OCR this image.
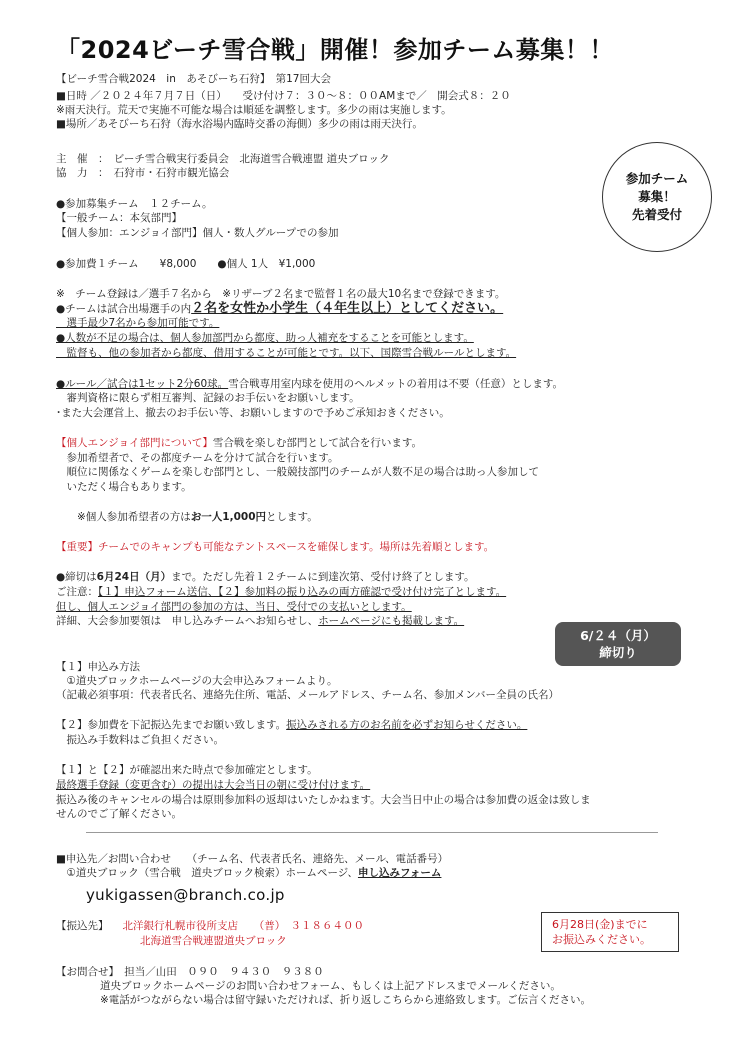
「2024ビーチ雪合戦」開催！参加チーム募集！！
【ビーチ雪合戦2024　in　あそびーち石狩】　第17回大会
■日時 ／２０２４年７月７日（日）　　受け付け７：３０～８：００AMまで／　開会式８：２０
※雨天決行。荒天で実施不可能な場合は順延を調整します。多少の雨は実施します。
■場所／あそびーち石狩（海水浴場内臨時交番の海側）多少の雨は雨天決行。
主　催　：　ビーチ雪合戦実行委員会　北海道雪合戦連盟 道央ブロック
協　力　：　石狩市・石狩市観光協会	参加チーム
募集！
先着受付
●参加募集チーム　１２チーム。
【一般チーム：本気部門】
【個人参加：エンジョイ部門】個人・数人グループでの参加
●参加費１チーム　　¥8,000　　●個人 1人　¥1,000
※　チーム登録は／選手７名から　※リザーブ２名まで監督１名の最大10名まで登録できます。
●チームは試合出場選手の内２名を女性か小学生（４年生以上）としてください。
　選手最少7名から参加可能です。
●人数が不足の場合は、個人参加部門から都度、助っ人補充をすることを可能とします。
　監督も、他の参加者から都度、借用することが可能とです。以下、国際雪合戦ルールとします。
●ルール／試合は1セット2分60球。雪合戦専用室内球を使用のヘルメットの着用は不要（任意）とします。
　審判資格に限らず相互審判、記録のお手伝いをお願いします。
･また大会運営上、撤去のお手伝い等、お願いしますので予めご承知おきください。
【個人エンジョイ部門について】雪合戦を楽しむ部門として試合を行います。
　参加希望者で、その都度チームを分けて試合を行います。
　順位に関係なくゲームを楽しむ部門とし、一般競技部門のチームが人数不足の場合は助っ人参加して
　いただく場合もあります。
　　※個人参加希望者の方はお一人1,000円とします。
【重要】チームでのキャンプも可能なテントスペースを確保します。場所は先着順とします。
●締切は6月24日（月）まで。ただし先着１２チームに到達次第、受付け終了とします。
ご注意：【１】申込フォーム送信、【２】参加料の振り込みの両方確認で受け付け完了とします。
但し、個人エンジョイ部門の参加の方は、当日、受付での支払いとします。
詳細、大会参加要領は　申し込みチームへお知らせし、ホームページにも掲載します。
6/２４（月）
締切り
【１】申込み方法
　①道央ブロックホームページの大会申込みフォームより。
（記載必須事項：代表者氏名、連絡先住所、電話、メールアドレス、チーム名、参加メンバー全員の氏名）
【２】参加費を下記振込先までお願い致します。振込みされる方のお名前を必ずお知らせください。
　振込み手数料はご負担ください。
【１】と【２】が確認出来た時点で参加確定とします。
最終選手登録（変更含む）の提出は大会当日の朝に受け付けます。
振込み後のキャンセルの場合は原則参加料の返却はいたしかねます。大会当日中止の場合は参加費の返金は致しま
せんのでご了解ください。
■申込先／お問い合わせ　　（チーム名、代表者氏名、連絡先、メール、電話番号）
　①道央ブロック（雪合戦　道央ブロック検索）ホームページ、申し込みフォーム
yukigassen@branch.co.jp
【振込先】 北洋銀行札幌市役所支店　　（普）　３１８６４００
北海道雪合戦連盟道央ブロック
6月28日(金)までに
お振込みください。
【お問合せ】　担当／山田　０９０　９４３０　９３８０
道央ブロックホームページのお問い合わせフォーム、もしくは上記アドレスまでメールください。
※電話がつながらない場合は留守録いただければ、折り返しこちらから連絡致します。ご伝言ください。
